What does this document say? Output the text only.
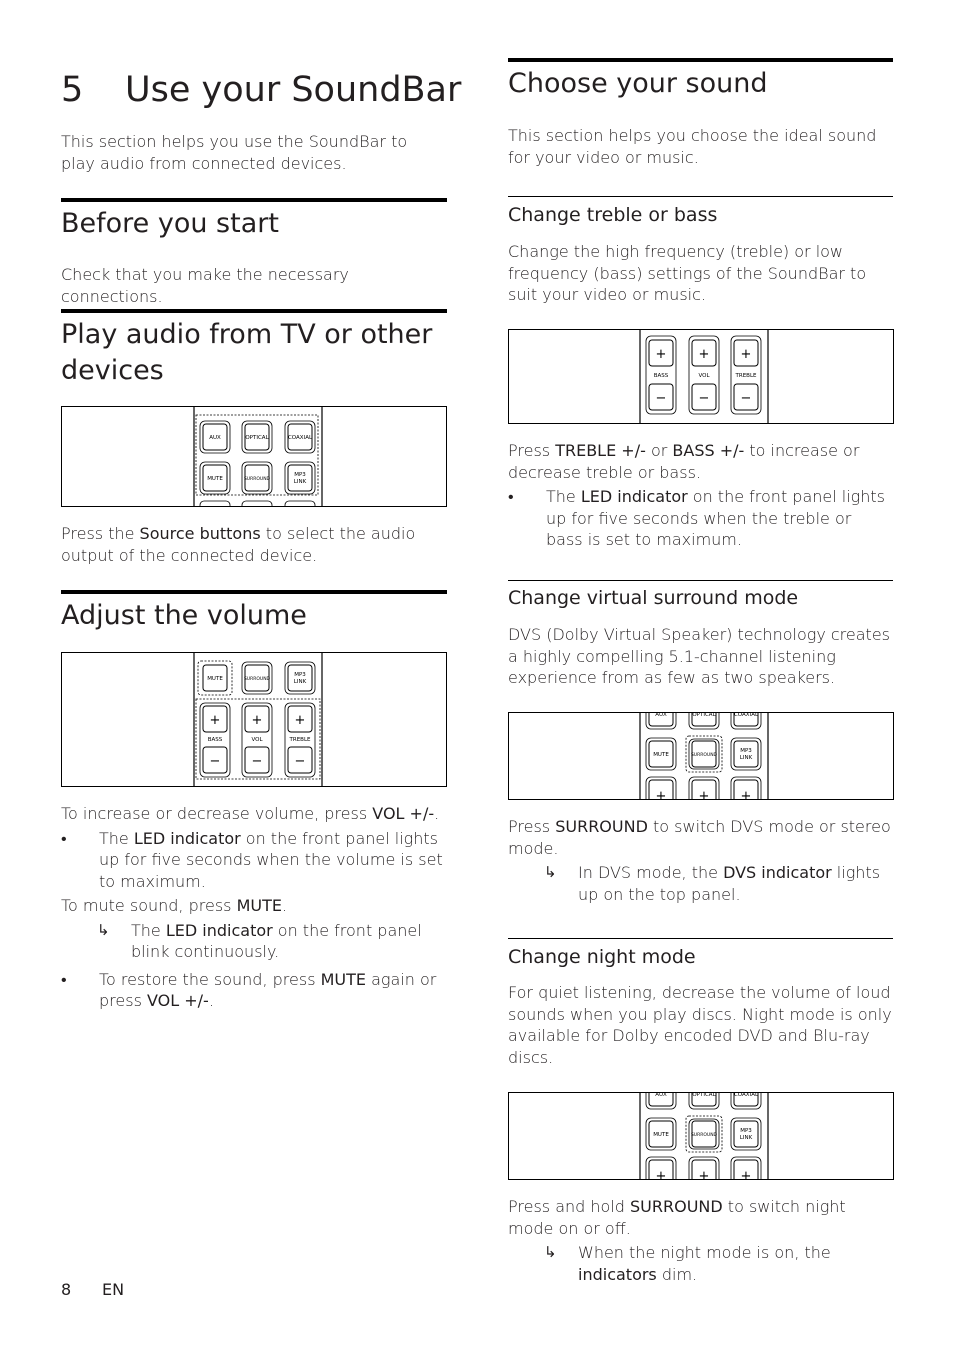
5 Use your SoundBar

This section helps you use the SoundBar to play audio from connected devices.

Before you start

Check that you make the necessary connections.

Play audio from TV or other
devices
AUX	OPTICAL	COAXIAL
MUTE	SURROUND
MP3
LINK

Press the Source buttons to select the audio output of the connected device.

Adjust the volume
MUTE	SURROUND
MP3
LINK
+
BASS
−
+
VOL
−
+
TREBLE
−

To increase or decrease volume, press VOL +/-.

• The LED indicator on the front panel lights up for five seconds when the volume is set to maximum.

To mute sound, press MUTE.

↳ The LED indicator on the front panel blink continuously.

• To restore the sound, press MUTE again or press VOL +/-.

Choose your sound

This section helps you choose the ideal sound for your video or music.

Change treble or bass

Change the high frequency (treble) or low frequency (bass) settings of the SoundBar to suit your video or music.

+
BASS
−
+
VOL
−
+
TREBLE
−

Press TREBLE +/- or BASS +/- to increase or decrease treble or bass.

• The LED indicator on the front panel lights up for five seconds when the treble or bass is set to maximum.

Change virtual surround mode

DVS (Dolby Virtual Speaker) technology creates a highly compelling 5.1-channel listening experience from as few as two speakers.

AUX	OPTICAL	COAXIAL
MUTE	SURROUND
MP3
LINK
+ + +

Press SURROUND to switch DVS mode or stereo mode.

↳ In DVS mode, the DVS indicator lights up on the top panel.

Change night mode

For quiet listening, decrease the volume of loud sounds when you play discs. Night mode is only available for Dolby encoded DVD and Blu-ray discs.

AUX	OPTICAL	COAXIAL
MUTE	SURROUND
MP3
LINK
+ + +

Press and hold SURROUND to switch night mode on or off.

↳ When the night mode is on, the indicators dim.

8 EN
